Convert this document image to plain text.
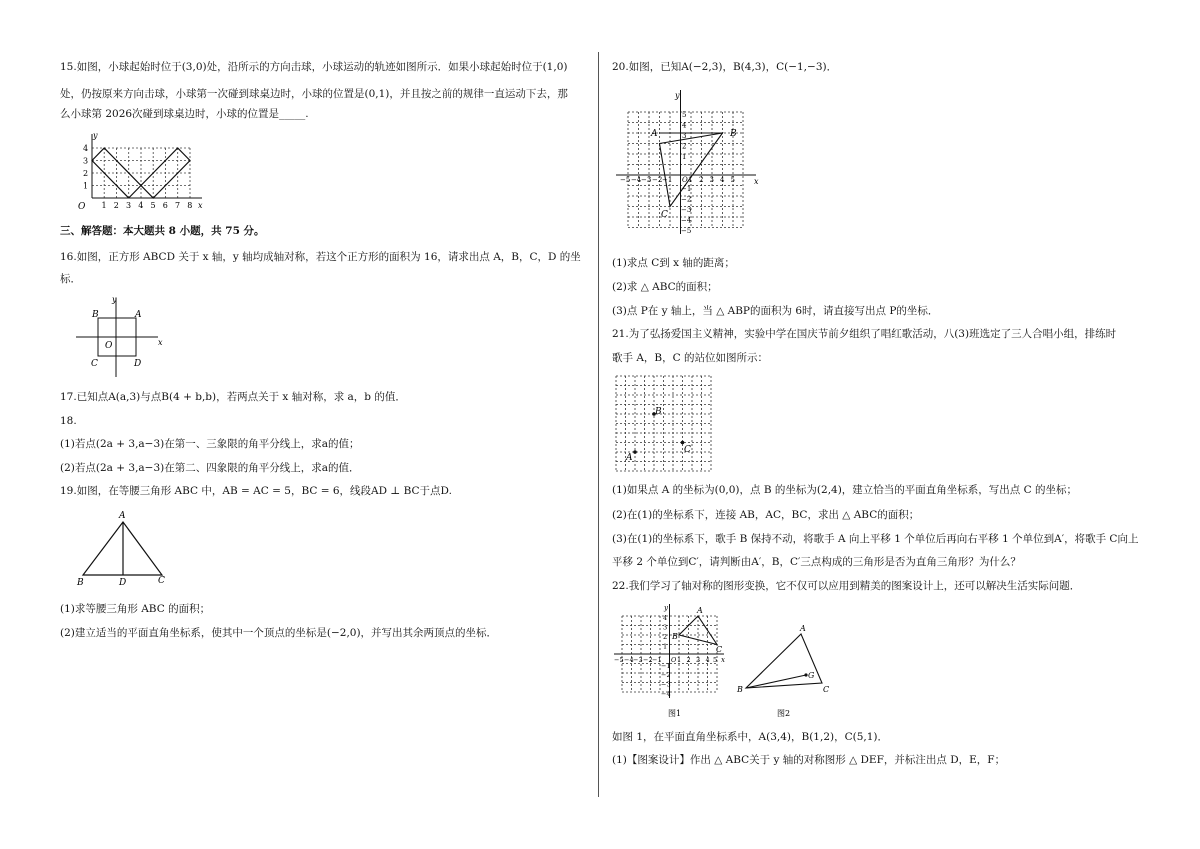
15.如图，小球起始时位于(3,0)处，沿所示的方向击球，小球运动的轨迹如图所示．如果小球起始时位于(1,0)
处，仍按原来方向击球，小球第一次碰到球桌边时，小球的位置是(0,1)，并且按之前的规律一直运动下去，那
么小球第 2026次碰到球桌边时，小球的位置是_____.
y
x
O
4
3
2
1
1 2 3 4 5 6 7 8
三、解答题：本大题共 8 小题，共 75 分。
16.如图，正方形 ABCD 关于 x 轴，y 轴均成轴对称，若这个正方形的面积为 16，请求出点 A，B，C，D 的坐
标．
y
x
B	A
O
C	D
17.已知点A(a,3)与点B(4 + b,b)，若两点关于 x 轴对称，求 a，b 的值．
18.
(1)若点(2a + 3,a−3)在第一、三象限的角平分线上，求a的值；
(2)若点(2a + 3,a−3)在第二、四象限的角平分线上，求a的值．
19.如图，在等腰三角形 ABC 中，AB = AC = 5，BC = 6，线段AD ⊥ BC于点D.
A
B	D	C
(1)求等腰三角形 ABC 的面积；
(2)建立适当的平面直角坐标系，使其中一个顶点的坐标是(−2,0)，并写出其余两顶点的坐标．
20.如图，已知A(−2,3)，B(4,3)，C(−1,−3)．
y
x
A	B
C
−5 −4 −3 −2 −1 O 1 2 3 4 5
5
4
3
2
1
−1
−2
−3
−4
−5
(1)求点 C到 x 轴的距离；
(2)求 △ ABC的面积；
(3)点 P在 y 轴上，当 △ ABP的面积为 6时，请直接写出点 P的坐标．
21.为了弘扬爱国主义精神，实验中学在国庆节前夕组织了唱红歌活动，八(3)班选定了三人合唱小组，排练时
歌手 A，B，C 的站位如图所示：
A
B
C
(1)如果点 A 的坐标为(0,0)，点 B 的坐标为(2,4)，建立恰当的平面直角坐标系，写出点 C 的坐标；
(2)在(1)的坐标系下，连接 AB，AC，BC，求出 △ ABC的面积；
(3)在(1)的坐标系下，歌手 B 保持不动，将歌手 A 向上平移 1 个单位后再向右平移 1 个单位到A′，将歌手 C向上
平移 2 个单位到C′，请判断由A′，B，C′三点构成的三角形是否为直角三角形？为什么？
22.我们学习了轴对称的图形变换，它不仅可以应用到精美的图案设计上，还可以解决生活实际问题．
y
x
A
B
C
−5 −4 −3 −2 −1 O 1 2 3 4 5
4
3
2
1
−1
−2
−3
−4
图1
A
B
G
C
图2
如图 1，在平面直角坐标系中，A(3,4)，B(1,2)，C(5,1)．
(1)【图案设计】作出 △ ABC关于 y 轴的对称图形 △ DEF，并标注出点 D，E，F；
